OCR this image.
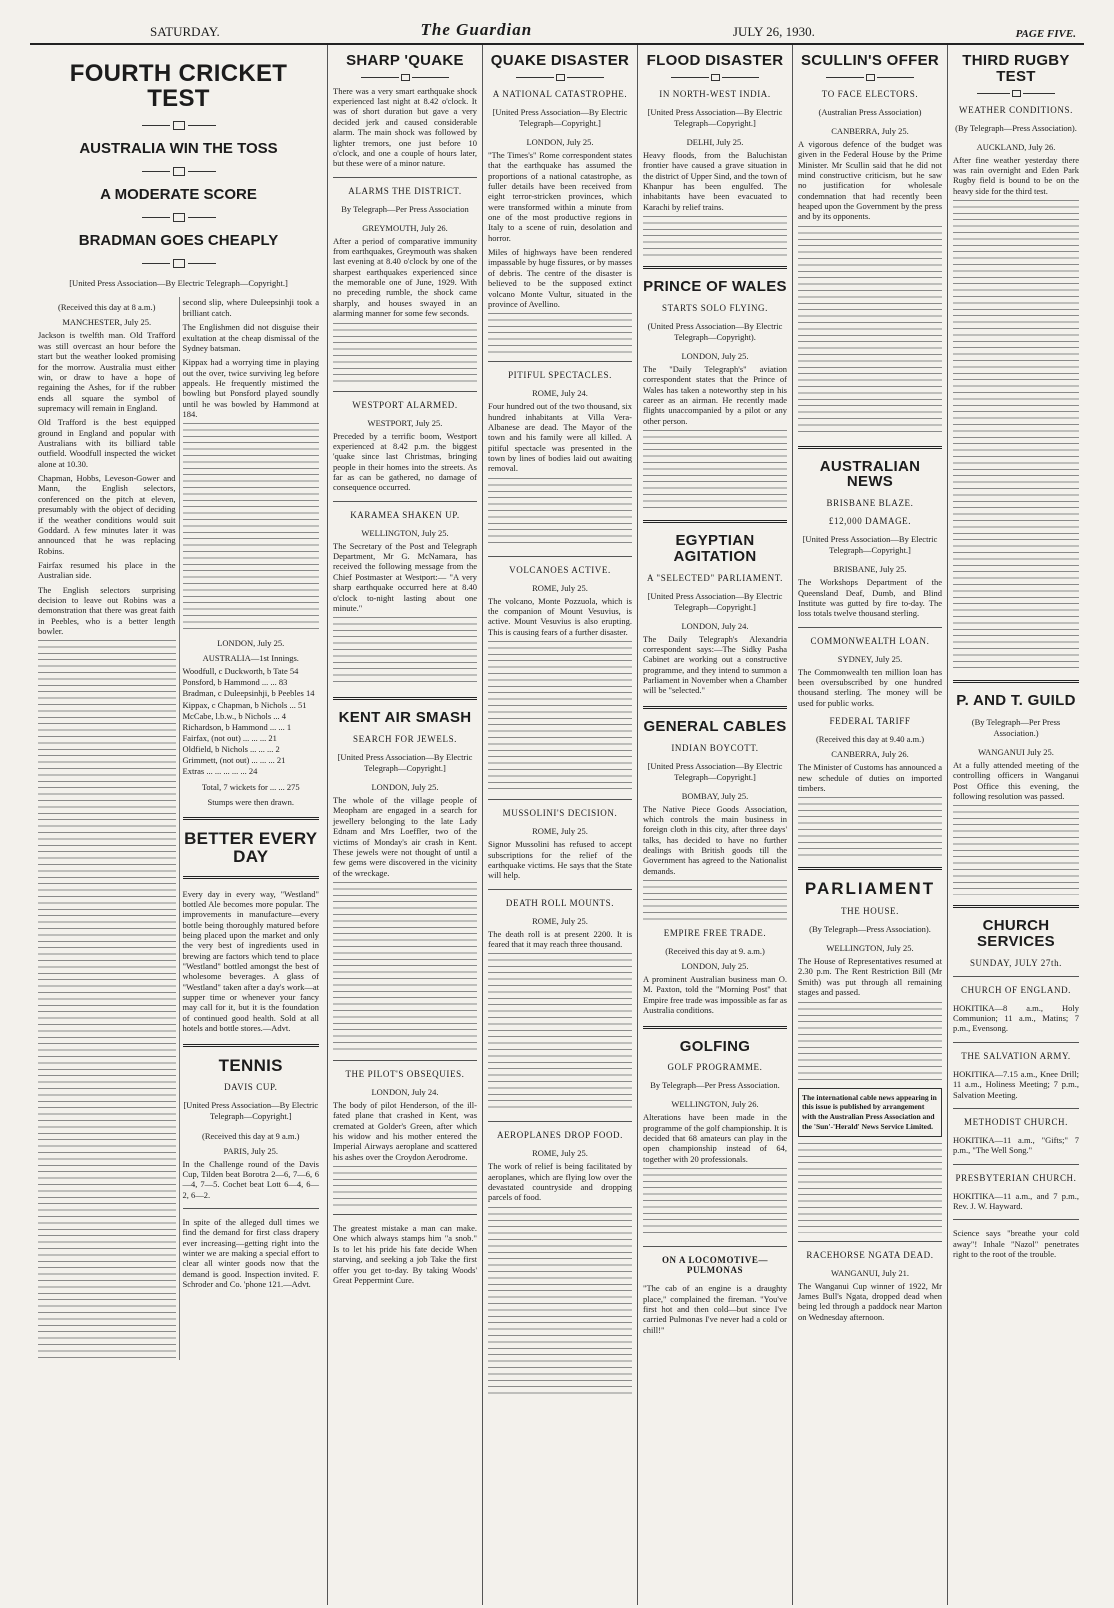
SATURDAY.	The Guardian	JULY 26, 1930.	PAGE FIVE.
FOURTH CRICKET TEST
AUSTRALIA WIN THE TOSS
A MODERATE SCORE
BRADMAN GOES CHEAPLY
[United Press Association—By Electric Telegraph—Copyright.]
(Received this day at 8 a.m.)
MANCHESTER, July 25.

Jackson is twelfth man. Old Trafford was still overcast an hour before the start but the weather looked promising for the morrow. Australia must either win, or draw to have a hope of regaining the Ashes, for if the rubber ends all square the symbol of supremacy will remain in England.

Old Trafford is the best equipped ground in England and popular with Australians with its billiard table outfield. Woodfull inspected the wicket alone at 10.30.

Chapman, Hobbs, Leveson-Gower and Mann, the English selectors, conferenced on the pitch at eleven, presumably with the object of deciding if the weather conditions would suit Goddard. A few minutes later it was announced that he was replacing Robins.

Fairfax resumed his place in the Australian side.

The English selectors surprising decision to leave out Robins was a demonstration that there was great faith in Peebles, who is a better length bowler.

second slip, where Duleepsinhji took a brilliant catch.

The Englishmen did not disguise their exultation at the cheap dismissal of the Sydney batsman.

Kippax had a worrying time in playing out the over, twice surviving leg before appeals. He frequently mistimed the bowling but Ponsford played soundly until he was bowled by Hammond at 184.

LONDON, July 25.
AUSTRALIA—1st Innings.
Woodfull, c Duckworth, b Tate 54
Ponsford, b Hammond ... ... 83
Bradman, c Duleepsinhji, b Peebles 14
Kippax, c Chapman, b Nichols ... 51
McCabe, l.b.w., b Nichols ... 4
Richardson, b Hammond ... ... 1
Fairfax, (not out) ... ... ... 21
Oldfield, b Nichols ... ... ... 2
Grimmett, (not out) ... ... ... 21
Extras ... ... ... ... ... 24
Total, 7 wickets for ... ... 275
Stumps were then drawn.
BETTER EVERY DAY

Every day in every way, "Westland" bottled Ale becomes more popular. The improvements in manufacture—every bottle being thoroughly matured before being placed upon the market and only the very best of ingredients used in brewing are factors which tend to place "Westland" bottled amongst the best of wholesome beverages. A glass of "Westland" taken after a day's work—at supper time or whenever your fancy may call for it, but it is the foundation of continued good health. Sold at all hotels and bottle stores.—Advt.

TENNIS
DAVIS CUP.
[United Press Association—By Electric Telegraph—Copyright.]
(Received this day at 9 a.m.)
PARIS, July 25.

In the Challenge round of the Davis Cup, Tilden beat Borotra 2—6, 7—6, 6—4, 7—5. Cochet beat Lott 6—4, 6—2, 6—2.

In spite of the alleged dull times we find the demand for first class drapery ever increasing—getting right into the winter we are making a special effort to clear all winter goods now that the demand is good. Inspection invited. F. Schroder and Co. 'phone 121.—Advt.

SHARP 'QUAKE

There was a very smart earthquake shock experienced last night at 8.42 o'clock. It was of short duration but gave a very decided jerk and caused considerable alarm. The main shock was followed by lighter tremors, one just before 10 o'clock, and one a couple of hours later, but these were of a minor nature.

ALARMS THE DISTRICT.
By Telegraph—Per Press Association
GREYMOUTH, July 26.

After a period of comparative immunity from earthquakes, Greymouth was shaken last evening at 8.40 o'clock by one of the sharpest earthquakes experienced since the memorable one of June, 1929. With no preceding rumble, the shock came sharply, and houses swayed in an alarming manner for some few seconds.

WESTPORT ALARMED.
WESTPORT, July 25.

Preceded by a terrific boom, Westport experienced at 8.42 p.m. the biggest 'quake since last Christmas, bringing people in their homes into the streets. As far as can be gathered, no damage of consequence occurred.

KARAMEA SHAKEN UP.
WELLINGTON, July 25.

The Secretary of the Post and Telegraph Department, Mr G. McNamara, has received the following message from the Chief Postmaster at Westport:— "A very sharp earthquake occurred here at 8.40 o'clock to-night lasting about one minute."

KENT AIR SMASH
SEARCH FOR JEWELS.
[United Press Association—By Electric Telegraph—Copyright.]
LONDON, July 25.

The whole of the village people of Meopham are engaged in a search for jewellery belonging to the late Lady Ednam and Mrs Loeffler, two of the victims of Monday's air crash in Kent. These jewels were not thought of until a few gems were discovered in the vicinity of the wreckage.

THE PILOT'S OBSEQUIES.
LONDON, July 24.

The body of pilot Henderson, of the ill-fated plane that crashed in Kent, was cremated at Golder's Green, after which his widow and his mother entered the Imperial Airways aeroplane and scattered his ashes over the Croydon Aerodrome.

The greatest mistake a man can make. One which always stamps him "a snob." Is to let his pride his fate decide When starving, and seeking a job Take the first offer you get to-day. By taking Woods' Great Peppermint Cure.

QUAKE DISASTER
A NATIONAL CATASTROPHE.
[United Press Association—By Electric Telegraph—Copyright.]
LONDON, July 25.

"The Times's" Rome correspondent states that the earthquake has assumed the proportions of a national catastrophe, as fuller details have been received from eight terror-stricken provinces, which were transformed within a minute from one of the most productive regions in Italy to a scene of ruin, desolation and horror.

Miles of highways have been rendered impassable by huge fissures, or by masses of debris. The centre of the disaster is believed to be the supposed extinct volcano Monte Vultur, situated in the province of Avellino.

PITIFUL SPECTACLES.
ROME, July 24.

Four hundred out of the two thousand, six hundred inhabitants at Villa Vera-Albanese are dead. The Mayor of the town and his family were all killed. A pitiful spectacle was presented in the town by lines of bodies laid out awaiting removal.

VOLCANOES ACTIVE.
ROME, July 25.

The volcano, Monte Pozzuola, which is the companion of Mount Vesuvius, is active. Mount Vesuvius is also erupting. This is causing fears of a further disaster.

MUSSOLINI'S DECISION.
ROME, July 25.

Signor Mussolini has refused to accept subscriptions for the relief of the earthquake victims. He says that the State will help.

DEATH ROLL MOUNTS.
ROME, July 25.

The death roll is at present 2200. It is feared that it may reach three thousand.

AEROPLANES DROP FOOD.
ROME, July 25.

The work of relief is being facilitated by aeroplanes, which are flying low over the devastated countryside and dropping parcels of food.

FLOOD DISASTER
IN NORTH-WEST INDIA.
[United Press Association—By Electric Telegraph—Copyright.]
DELHI, July 25.

Heavy floods, from the Baluchistan frontier have caused a grave situation in the district of Upper Sind, and the town of Khanpur has been engulfed. The inhabitants have been evacuated to Karachi by relief trains.

PRINCE OF WALES
STARTS SOLO FLYING.
(United Press Association—By Electric Telegraph—Copyright).
LONDON, July 25.

The "Daily Telegraph's" aviation correspondent states that the Prince of Wales has taken a noteworthy step in his career as an airman. He recently made flights unaccompanied by a pilot or any other person.

EGYPTIAN AGITATION
A "SELECTED" PARLIAMENT.
[United Press Association—By Electric Telegraph—Copyright.]
LONDON, July 24.

The Daily Telegraph's Alexandria correspondent says:—The Sidky Pasha Cabinet are working out a constructive programme, and they intend to summon a Parliament in November when a Chamber will be "selected."

GENERAL CABLES
INDIAN BOYCOTT.
[United Press Association—By Electric Telegraph—Copyright.]
BOMBAY, July 25.

The Native Piece Goods Association, which controls the main business in foreign cloth in this city, after three days' talks, has decided to have no further dealings with British goods till the Government has agreed to the Nationalist demands.

EMPIRE FREE TRADE.
(Received this day at 9. a.m.)
LONDON, July 25.

A prominent Australian business man O. M. Paxton, told the "Morning Post" that Empire free trade was impossible as far as Australia conditions.

GOLFING
GOLF PROGRAMME.
By Telegraph—Per Press Association.
WELLINGTON, July 26.

Alterations have been made in the programme of the golf championship. It is decided that 68 amateurs can play in the open championship instead of 64, together with 20 professionals.

ON A LOCOMOTIVE—PULMONAS

"The cab of an engine is a draughty place," complained the fireman. "You've first hot and then cold—but since I've carried Pulmonas I've never had a cold or chill!"

SCULLIN'S OFFER
TO FACE ELECTORS.
(Australian Press Association)
CANBERRA, July 25.

A vigorous defence of the budget was given in the Federal House by the Prime Minister. Mr Scullin said that he did not mind constructive criticism, but he saw no justification for wholesale condemnation that had recently been heaped upon the Government by the press and by its opponents.

AUSTRALIAN NEWS
BRISBANE BLAZE.
£12,000 DAMAGE.
[United Press Association—By Electric Telegraph—Copyright.]
BRISBANE, July 25.

The Workshops Department of the Queensland Deaf, Dumb, and Blind Institute was gutted by fire to-day. The loss totals twelve thousand sterling.

COMMONWEALTH LOAN.
SYDNEY, July 25.

The Commonwealth ten million loan has been oversubscribed by one hundred thousand sterling. The money will be used for public works.

FEDERAL TARIFF
(Received this day at 9.40 a.m.)
CANBERRA, July 26.

The Minister of Customs has announced a new schedule of duties on imported timbers.

PARLIAMENT
THE HOUSE.
(By Telegraph—Press Association).
WELLINGTON, July 25.

The House of Representatives resumed at 2.30 p.m. The Rent Restriction Bill (Mr Smith) was put through all remaining stages and passed.

The international cable news appearing in this issue is published by arrangement with the Australian Press Association and the 'Sun'-'Herald' News Service Limited.
RACEHORSE NGATA DEAD.
WANGANUI, July 21.

The Wanganui Cup winner of 1922, Mr James Bull's Ngata, dropped dead when being led through a paddock near Marton on Wednesday afternoon.

THIRD RUGBY TEST
WEATHER CONDITIONS.
(By Telegraph—Press Association).
AUCKLAND, July 26.

After fine weather yesterday there was rain overnight and Eden Park Rugby field is bound to be on the heavy side for the third test.

P. AND T. GUILD
(By Telegraph—Per Press Association.)
WANGANUI July 25.

At a fully attended meeting of the controlling officers in Wanganui Post Office this evening, the following resolution was passed.

CHURCH SERVICES
SUNDAY, JULY 27th.
CHURCH OF ENGLAND.

HOKITIKA—8 a.m., Holy Communion; 11 a.m., Matins; 7 p.m., Evensong.

THE SALVATION ARMY.

HOKITIKA—7.15 a.m., Knee Drill; 11 a.m., Holiness Meeting; 7 p.m., Salvation Meeting.

METHODIST CHURCH.

HOKITIKA—11 a.m., "Gifts;" 7 p.m., "The Well Song."

PRESBYTERIAN CHURCH.

HOKITIKA—11 a.m., and 7 p.m., Rev. J. W. Hayward.

Science says "breathe your cold away"! Inhale "Nazol" penetrates right to the root of the trouble.
